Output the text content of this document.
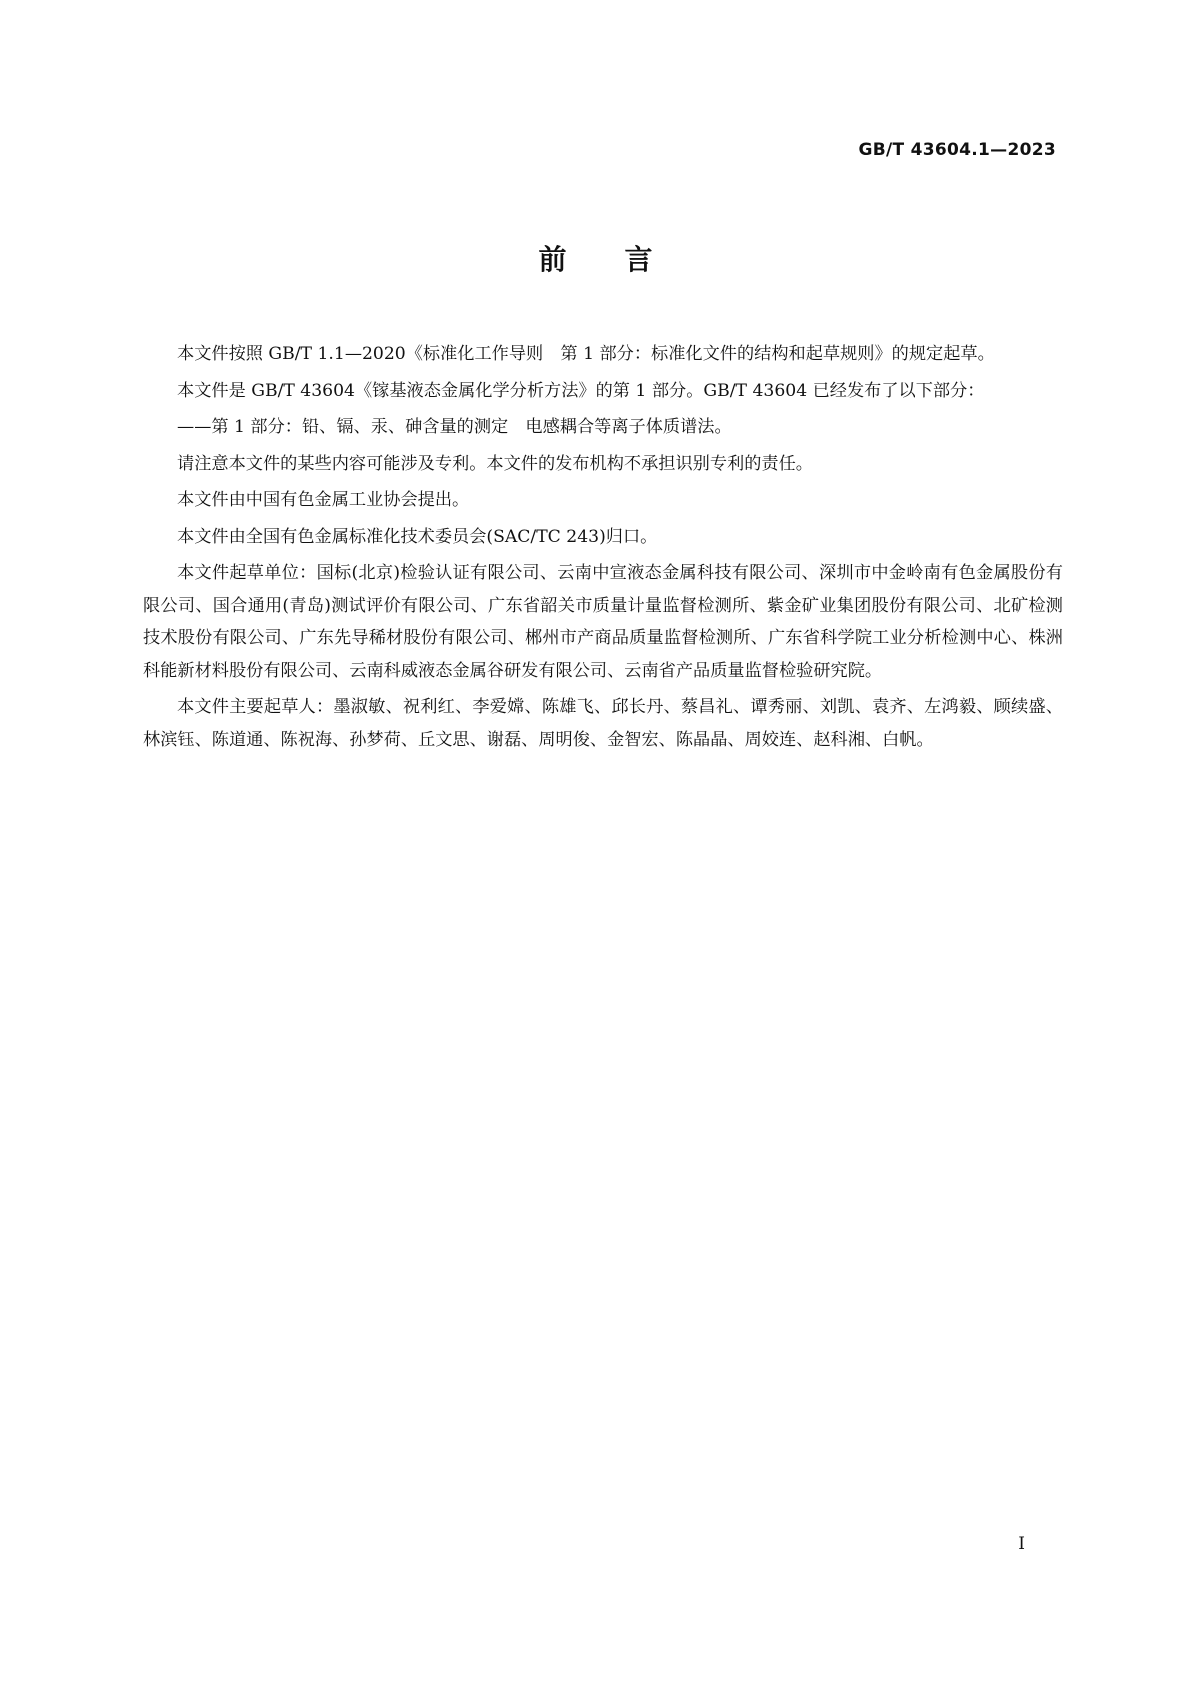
GB/T 43604.1—2023
前言

本文件按照 GB/T 1.1—2020《标准化工作导则　第 1 部分：标准化文件的结构和起草规则》的规定起草。

本文件是 GB/T 43604《镓基液态金属化学分析方法》的第 1 部分。GB/T 43604 已经发布了以下部分：

——第 1 部分：铅、镉、汞、砷含量的测定　电感耦合等离子体质谱法。

请注意本文件的某些内容可能涉及专利。本文件的发布机构不承担识别专利的责任。

本文件由中国有色金属工业协会提出。

本文件由全国有色金属标准化技术委员会(SAC/TC 243)归口。

本文件起草单位：国标(北京)检验认证有限公司、云南中宣液态金属科技有限公司、深圳市中金岭南有色金属股份有限公司、国合通用(青岛)测试评价有限公司、广东省韶关市质量计量监督检测所、紫金矿业集团股份有限公司、北矿检测技术股份有限公司、广东先导稀材股份有限公司、郴州市产商品质量监督检测所、广东省科学院工业分析检测中心、株洲科能新材料股份有限公司、云南科威液态金属谷研发有限公司、云南省产品质量监督检验研究院。

本文件主要起草人：墨淑敏、祝利红、李爱嫦、陈雄飞、邱长丹、蔡昌礼、谭秀丽、刘凯、袁齐、左鸿毅、顾续盛、林滨钰、陈道通、陈祝海、孙梦荷、丘文思、谢磊、周明俊、金智宏、陈晶晶、周姣连、赵科湘、白帆。

I
